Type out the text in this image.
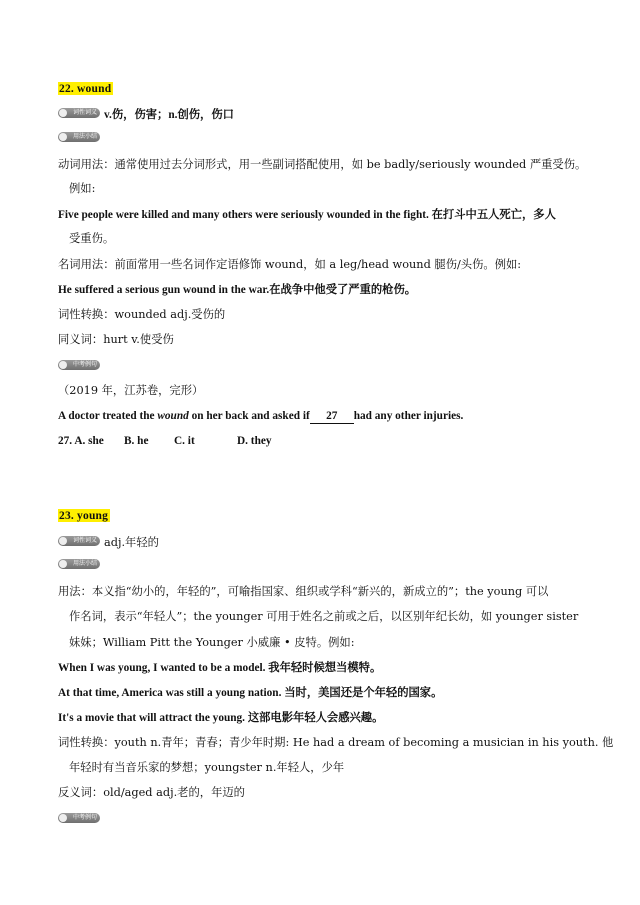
22. wound
词性词义 v.伤，伤害；n.创伤，伤口
用法小结
动词用法：通常使用过去分词形式，用一些副词搭配使用，如 be badly/seriously wounded 严重受伤。
例如:
Five people were killed and many others were seriously wounded in the fight. 在打斗中五人死亡，多人
受重伤。
名词用法：前面常用一些名词作定语修饰 wound，如 a leg/head wound 腿伤/头伤。例如:
He suffered a serious gun wound in the war.在战争中他受了严重的枪伤。
词性转换：wounded adj.受伤的
同义词：hurt v.使受伤
中考例句
（2019 年，江苏卷，完形）
A doctor treated the wound on her back and asked if 27 had any other injuries.
27. A. she B. he C. it	D. they
23. young
词性词义 adj.年轻的
用法小结
用法：本义指“幼小的，年轻的”，可喻指国家、组织或学科“新兴的，新成立的”；the young 可以
作名词，表示“年轻人”；the younger 可用于姓名之前或之后，以区别年纪长幼，如 younger sister
妹妹；William Pitt the Younger 小威廉 • 皮特。例如:
When I was young, I wanted to be a model. 我年轻时候想当模特。
At that time, America was still a young nation. 当时，美国还是个年轻的国家。
It's a movie that will attract the young. 这部电影年轻人会感兴趣。
词性转换：youth n.青年；青春；青少年时期: He had a dream of becoming a musician in his youth. 他
年轻时有当音乐家的梦想；youngster n.年轻人，少年
反义词：old/aged adj.老的，年迈的
中考例句
